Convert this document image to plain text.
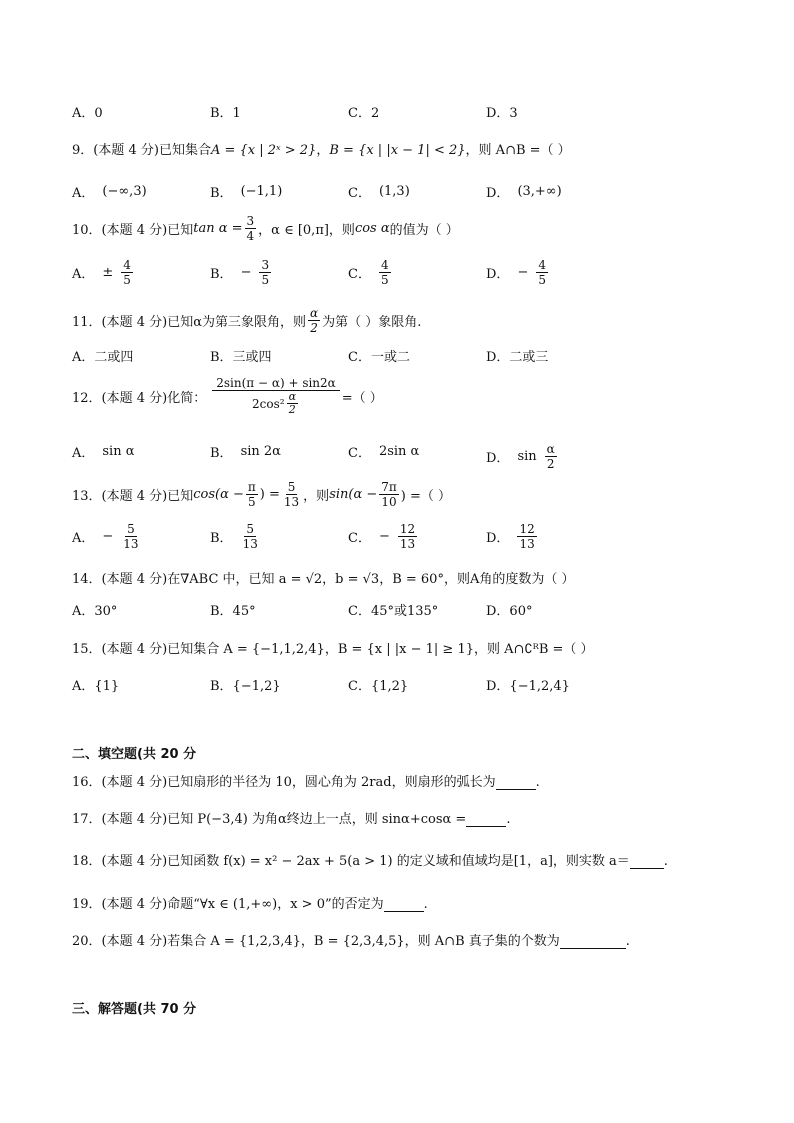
A．0	B．1	C．2	D．3
9．(本题 4 分)已知集合A = {x | 2ˣ > 2}，B = {x | |x − 1| < 2}，则 A∩B =（ ）
A． (−∞,3)	B． (−1,1)	C． (1,3)	D． (3,+∞)
10．(本题 4 分)已知 $\tan \alpha = \frac{3}{4}$ ，α ∈ [0,π]，则 cos α 的值为（ ）
A． ± $\frac{4}{5}$	B． − $\frac{3}{5}$	C． $\frac{4}{5}$	D． − $\frac{4}{5}$
11．(本题 4 分)已知α为第三象限角，则 $\frac{\alpha}{2}$ 为第（ ）象限角.
A．二或四	B．三或四	C．一或二	D．二或三
12．(本题 4 分)化简： $\frac{2\sin(\pi - \alpha) + \sin 2\alpha}{2\cos^2 \frac{\alpha}{2}}$ =（ ）
A． sin α	B． sin 2α	C． 2sin α	D． $\sin \frac{\alpha}{2}$
13．(本题 4 分)已知 $\cos(\alpha - \frac{\pi}{5}$ ) = $\frac{5}{13}$ ，则 $\sin(\alpha - \frac{7\pi}{10}$ ) =（ ）
A． − $\frac{5}{13}$	B． $\frac{5}{13}$	C． − $\frac{12}{13}$	D． $\frac{12}{13}$
14．(本题 4 分)在∇ABC 中，已知 a = √2，b = √3，B = 60°，则A角的度数为（ ）
A．30°	B．45°	C．45°或135°	D．60°
15．(本题 4 分)已知集合 A = {−1,1,2,4}，B = {x | |x − 1| ≥ 1}，则 A∩∁ᴿB =（ ）
A．{1}	B．{−1,2}	C．{1,2}	D．{−1,2,4}
二、填空题(共 20 分
16．(本题 4 分)已知扇形的半径为 10，圆心角为 2rad，则扇形的弧长为	.
17．(本题 4 分)已知 P(−3,4) 为角α终边上一点，则 sinα+cosα =	.
18．(本题 4 分)已知函数 f(x) = x² − 2ax + 5(a > 1) 的定义域和值域均是[1，a]，则实数 a＝	.
19．(本题 4 分)命题“∀x ∈ (1,+∞)，x > 0”的否定为	.
20．(本题 4 分)若集合 A = {1,2,3,4}，B = {2,3,4,5}，则 A∩B 真子集的个数为	.
三、解答题(共 70 分
